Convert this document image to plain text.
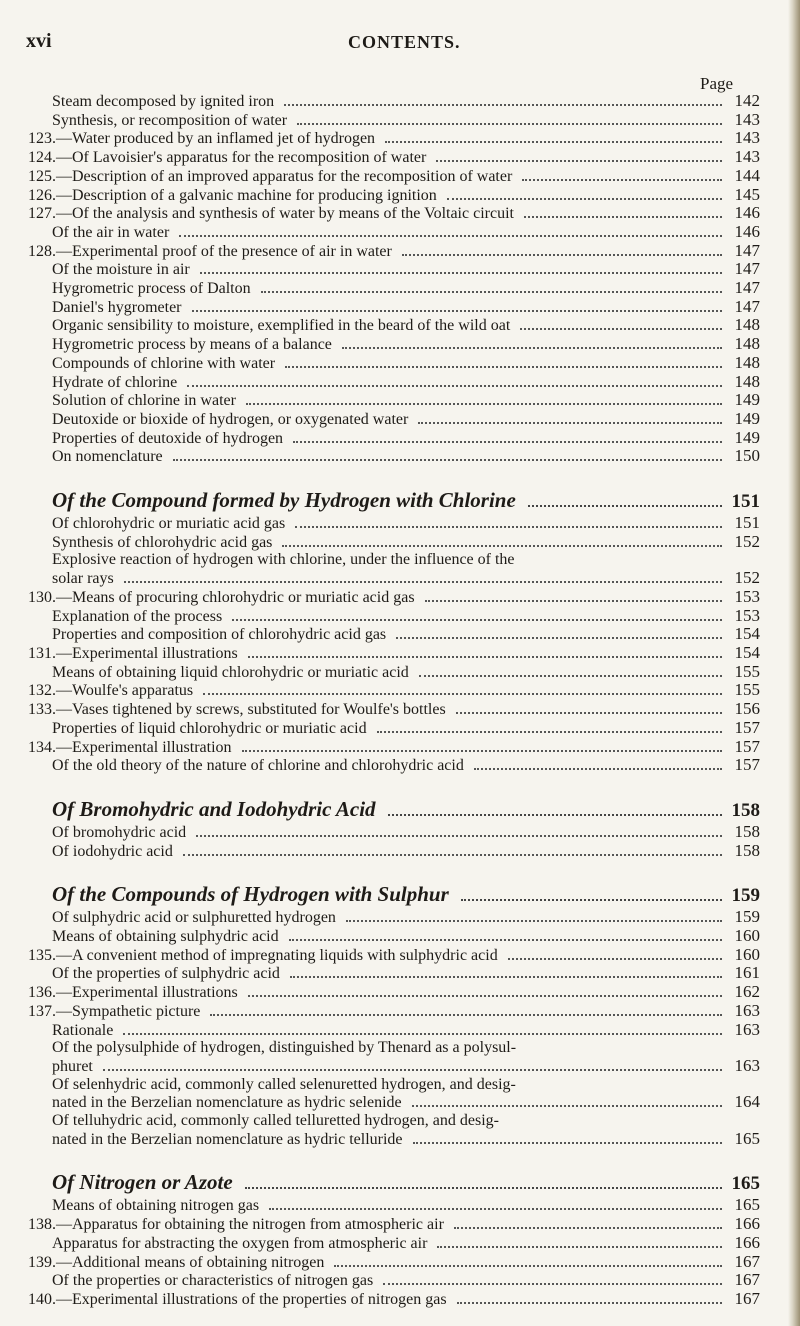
xvi	CONTENTS.
Page
Steam decomposed by ignited iron	142
Synthesis, or recomposition of water	143
123. —Water produced by an inflamed jet of hydrogen	143
124. —Of Lavoisier's apparatus for the recomposition of water	143
125. —Description of an improved apparatus for the recomposition of water	144
126. —Description of a galvanic machine for producing ignition	145
127. —Of the analysis and synthesis of water by means of the Voltaic circuit	146
Of the air in water	146
128. —Experimental proof of the presence of air in water	147
Of the moisture in air	147
Hygrometric process of Dalton	147
Daniel's hygrometer	147
Organic sensibility to moisture, exemplified in the beard of the wild oat	148
Hygrometric process by means of a balance	148
Compounds of chlorine with water	148
Hydrate of chlorine	148
Solution of chlorine in water	149
Deutoxide or bioxide of hydrogen, or oxygenated water	149
Properties of deutoxide of hydrogen	149
On nomenclature	150
Of the Compound formed by Hydrogen with Chlorine	151
Of chlorohydric or muriatic acid gas	151
Synthesis of chlorohydric acid gas	152
Explosive reaction of hydrogen with chlorine, under the influence of the
solar rays	152
130. —Means of procuring chlorohydric or muriatic acid gas	153
Explanation of the process	153
Properties and composition of chlorohydric acid gas	154
131. —Experimental illustrations	154
Means of obtaining liquid chlorohydric or muriatic acid	155
132. —Woulfe's apparatus	155
133. —Vases tightened by screws, substituted for Woulfe's bottles	156
Properties of liquid chlorohydric or muriatic acid	157
134. —Experimental illustration	157
Of the old theory of the nature of chlorine and chlorohydric acid	157
Of Bromohydric and Iodohydric Acid	158
Of bromohydric acid	158
Of iodohydric acid	158
Of the Compounds of Hydrogen with Sulphur	159
Of sulphydric acid or sulphuretted hydrogen	159
Means of obtaining sulphydric acid	160
135. —A convenient method of impregnating liquids with sulphydric acid	160
Of the properties of sulphydric acid	161
136. —Experimental illustrations	162
137. —Sympathetic picture	163
Rationale	163
Of the polysulphide of hydrogen, distinguished by Thenard as a polysul-
phuret	163
Of selenhydric acid, commonly called selenuretted hydrogen, and desig-
nated in the Berzelian nomenclature as hydric selenide	164
Of telluhydric acid, commonly called telluretted hydrogen, and desig-
nated in the Berzelian nomenclature as hydric telluride	165
Of Nitrogen or Azote	165
Means of obtaining nitrogen gas	165
138. —Apparatus for obtaining the nitrogen from atmospheric air	166
Apparatus for abstracting the oxygen from atmospheric air	166
139. —Additional means of obtaining nitrogen	167
Of the properties or characteristics of nitrogen gas	167
140. —Experimental illustrations of the properties of nitrogen gas	167
